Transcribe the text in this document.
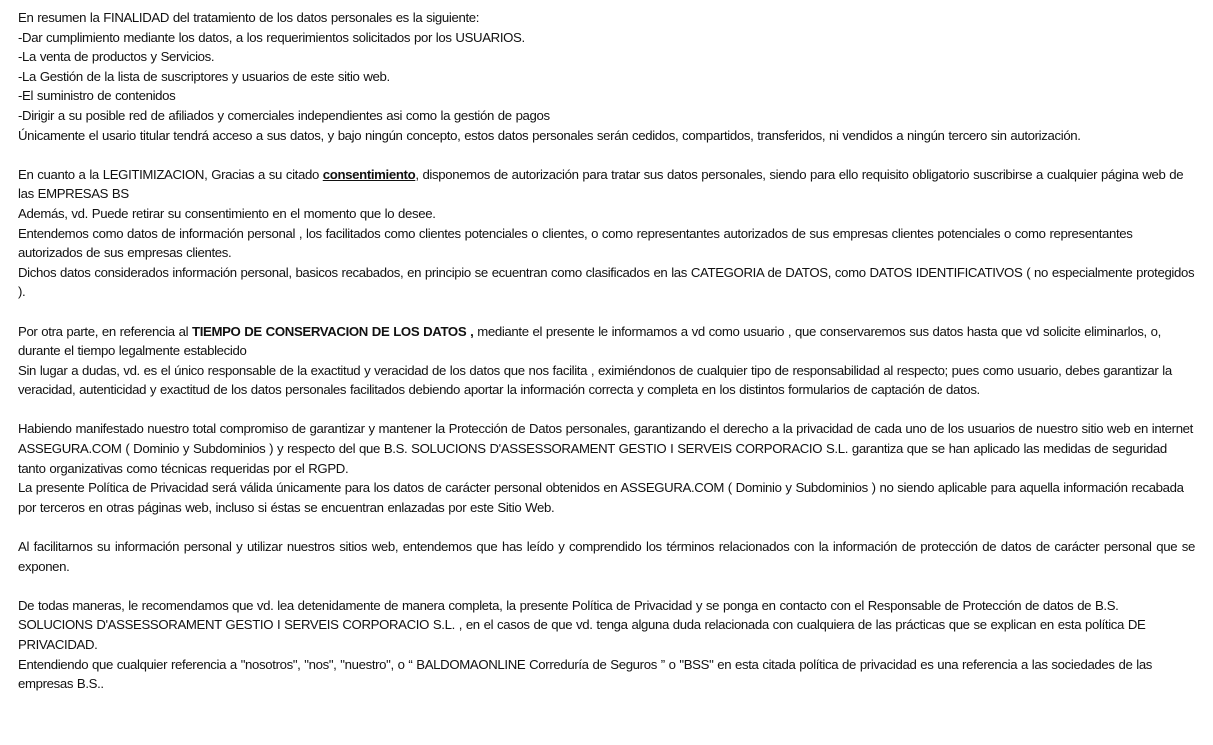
En resumen la FINALIDAD del tratamiento de los datos personales es la siguiente:
-Dar cumplimiento mediante los datos, a los requerimientos solicitados por los USUARIOS.
-La venta de productos y Servicios.
-La Gestión de la lista de suscriptores y usuarios de este sitio web.
-El suministro de contenidos
-Dirigir a su posible red de afiliados y comerciales independientes asi como la gestión de pagos
Únicamente el usario titular tendrá acceso a sus datos, y bajo ningún concepto, estos datos personales serán cedidos, compartidos, transferidos, ni vendidos a ningún tercero sin autorización.
En cuanto a la LEGITIMIZACION, Gracias a su citado consentimiento, disponemos de autorización para tratar sus datos personales, siendo para ello requisito obligatorio suscribirse a cualquier página web de las EMPRESAS BS
Además, vd. Puede retirar su consentimiento en el momento que lo desee.
Entendemos como datos de información personal , los facilitados como clientes potenciales o clientes, o como representantes autorizados de sus empresas clientes potenciales o como representantes autorizados de sus empresas clientes.
Dichos datos considerados información personal, basicos recabados, en principio se ecuentran como clasificados en las CATEGORIA de DATOS, como DATOS IDENTIFICATIVOS ( no especialmente protegidos ).
Por otra parte, en referencia al TIEMPO DE CONSERVACION DE LOS DATOS , mediante el presente le informamos a vd como usuario , que conservaremos sus datos hasta que vd solicite eliminarlos, o, durante el tiempo legalmente establecido
Sin lugar a dudas, vd. es el único responsable de la exactitud y veracidad de los datos que nos facilita , eximiéndonos de cualquier tipo de responsabilidad al respecto; pues como usuario, debes garantizar la veracidad, autenticidad y exactitud de los datos personales facilitados debiendo aportar la información correcta y completa en los distintos formularios de captación de datos.
Habiendo manifestado nuestro total compromiso de garantizar y mantener la Protección de Datos personales, garantizando el derecho a la privacidad de cada uno de los usuarios de nuestro sitio web en internet ASSEGURA.COM ( Dominio y Subdominios ) y respecto del que B.S. SOLUCIONS D'ASSESSORAMENT GESTIO I SERVEIS CORPORACIO S.L. garantiza que se han aplicado las medidas de seguridad tanto organizativas como técnicas requeridas por el RGPD.
La presente Política de Privacidad será válida únicamente para los datos de carácter personal obtenidos en ASSEGURA.COM ( Dominio y Subdominios ) no siendo aplicable para aquella información recabada por terceros en otras páginas web, incluso si éstas se encuentran enlazadas por este Sitio Web.
Al facilitarnos su información personal y utilizar nuestros sitios web, entendemos que has leído y comprendido los términos relacionados con la información de protección de datos de carácter personal que se exponen.
De todas maneras, le recomendamos que vd. lea detenidamente de manera completa, la presente Política de Privacidad y se ponga en contacto con el Responsable de Protección de datos de B.S. SOLUCIONS D'ASSESSORAMENT GESTIO I SERVEIS CORPORACIO S.L. , en el casos de que vd. tenga alguna duda relacionada con cualquiera de las prácticas que se explican en esta política DE PRIVACIDAD.
Entendiendo que cualquier referencia a "nosotros", "nos", "nuestro", o “ BALDOMAONLINE Correduría de Seguros ” o "BSS" en esta citada política de privacidad es una referencia a las sociedades de las empresas B.S..
